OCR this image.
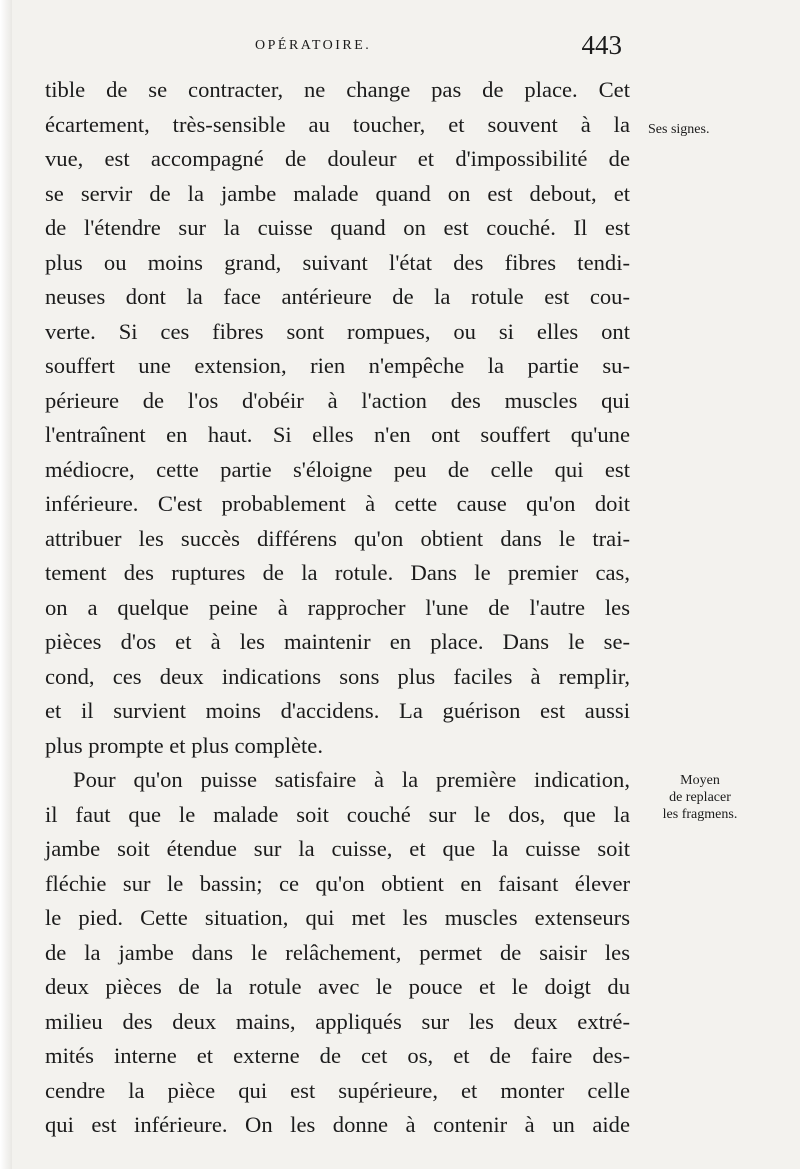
OPÉRATOIRE.	443
tible de se contracter, ne change pas de place. Cet
écartement, très-sensible au toucher, et souvent à la
vue, est accompagné de douleur et d'impossibilité de
se servir de la jambe malade quand on est debout, et
de l'étendre sur la cuisse quand on est couché. Il est
plus ou moins grand, suivant l'état des fibres tendi-
neuses dont la face antérieure de la rotule est cou-
verte. Si ces fibres sont rompues, ou si elles ont
souffert une extension, rien n'empêche la partie su-
périeure de l'os d'obéir à l'action des muscles qui
l'entraînent en haut. Si elles n'en ont souffert qu'une
médiocre, cette partie s'éloigne peu de celle qui est
inférieure. C'est probablement à cette cause qu'on doit
attribuer les succès différens qu'on obtient dans le trai-
tement des ruptures de la rotule. Dans le premier cas,
on a quelque peine à rapprocher l'une de l'autre les
pièces d'os et à les maintenir en place. Dans le se-
cond, ces deux indications sons plus faciles à remplir,
et il survient moins d'accidens. La guérison est aussi
plus prompte et plus complète.
Pour qu'on puisse satisfaire à la première indication,
il faut que le malade soit couché sur le dos, que la
jambe soit étendue sur la cuisse, et que la cuisse soit
fléchie sur le bassin; ce qu'on obtient en faisant élever
le pied. Cette situation, qui met les muscles extenseurs
de la jambe dans le relâchement, permet de saisir les
deux pièces de la rotule avec le pouce et le doigt du
milieu des deux mains, appliqués sur les deux extré-
mités interne et externe de cet os, et de faire des-
cendre la pièce qui est supérieure, et monter celle
qui est inférieure. On les donne à contenir à un aide
Ses signes.
Moyen
de replacer
les fragmens.
